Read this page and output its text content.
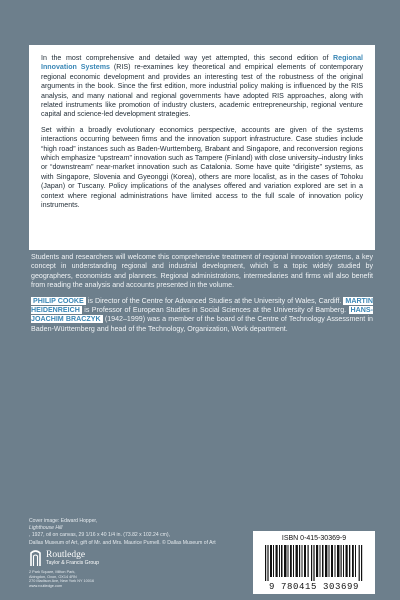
In the most comprehensive and detailed way yet attempted, this second edition of Regional Innovation Systems (RIS) re-examines key theoretical and empirical elements of contemporary regional economic development and provides an interesting test of the robustness of the original arguments in the book. Since the first edition, more industrial policy making is influenced by the RIS analysis, and many national and regional governments have adopted RIS approaches, along with related instruments like promotion of industry clusters, academic entrepreneurship, regional venture capital and science-led development strategies.

Set within a broadly evolutionary economics perspective, accounts are given of the systems interactions occurring between firms and the innovation support infrastructure. Case studies include “high road” instances such as Baden-Wurttemberg, Brabant and Singapore, and reconversion regions which emphasize “upstream” innovation such as Tampere (Finland) with close university–industry links or “downstream” near-market innovation such as Catalonia. Some have quite “dirigiste” systems, as with Singapore, Slovenia and Gyeonggi (Korea), others are more localist, as in the cases of Tohoku (Japan) or Tuscany. Policy implications of the analyses offered and variation explored are set in a context where regional administrations have limited access to the full scale of innovation policy instruments.

Students and researchers will welcome this comprehensive treatment of regional innovation systems, a key concept in understanding regional and industrial development, which is a topic widely studied by geographers, economists and planners. Regional administrations, intermediaries and firms will also benefit from reading the analysis and accounts presented in the volume.

PHILIP COOKE is Director of the Centre for Advanced Studies at the University of Wales, Cardiff. MARTIN HEIDENREICH is Professor of European Studies in Social Sciences at the University of Bamberg. HANS-JOACHIM BRACZYK (1942–1999) was a member of the board of the Centre of Technology Assessment in Baden-Württemberg and head of the Technology, Organization, Work department.

Cover image: Edward Hopper,
Lighthouse Hill
, 1927, oil on canvas, 29 1/16 x 40 1/4 in. (73.82 x 102.24 cm),
Dallas Museum of Art, gift of Mr. and Mrs. Maurice Purnell. © Dallas Museum of Art
Routledge
Taylor & Francis Group
2 Park Square, Milton Park,
Abingdon, Oxon, OX14 4RN
270 Madison Ave, New York NY 10016
www.routledge.com
ISBN 0-415-30369-9
9 780415 303699
